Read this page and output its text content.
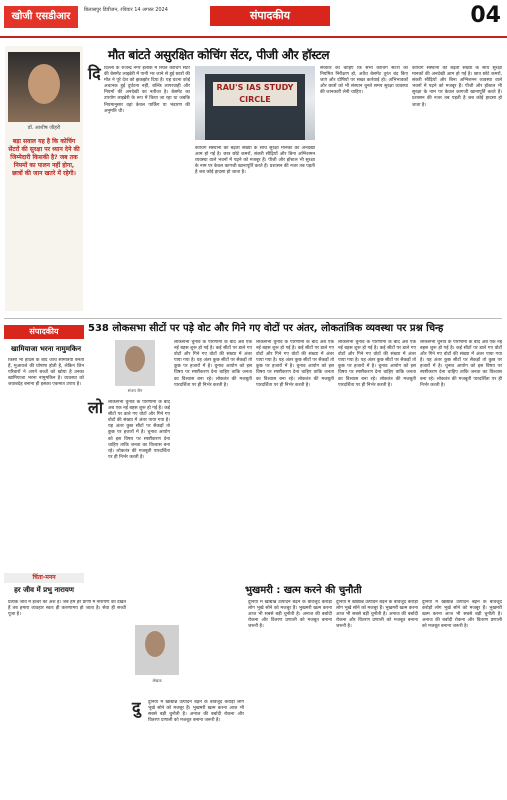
खोजी एसडीआर
बिलासपुर डिवीजन, रविवार 14 अगस्त 2024	संपादकीय	04
मौत बांटते असुरक्षित कोचिंग सेंटर, पीजी और हॉस्टल
डॉ. आशीष जौहरी
बड़ा सवाल यह है कि कोचिंग सेंटरों की सुरक्षा पर ध्यान देने की जिम्मेदारी किसकी है? जब तक नियमों का पालन नहीं होगा, छात्रों की जान खतरे में रहेगी।
दि दिल्ली के राजेन्द्र नगर इलाके में स्थित कोचिंग सेंटर की बेसमेंट लाइब्रेरी में पानी भर जाने से हुई छात्रों की मौत ने पूरे देश को झकझोर दिया है। यह घटना कोई अचानक हुई दुर्घटना नहीं, बल्कि लापरवाही और नियमों की अनदेखी का नतीजा है। बेसमेंट का उपयोग लाइब्रेरी के रूप में किया जा रहा था जबकि नियमानुसार वहां केवल पार्किंग या भंडारण की अनुमति थी।
RAU'S IAS STUDY CIRCLE
कोचिंग संस्थानों की बढ़ती संख्या के साथ सुरक्षा मानकों की अनदेखी आम हो गई है। छात्र छोटे कमरों, संकरी सीढ़ियों और बिना अग्निशमन व्यवस्था वाले भवनों में पढ़ने को मजबूर हैं। पीजी और हॉस्टल भी सुरक्षा के नाम पर केवल कागजी खानापूर्ति करते हैं। प्रशासन की नजर तब पड़ती है जब कोई हादसा हो जाता है।
सरकार को चाहिए कि सभी कोचिंग सेंटरों का नियमित निरीक्षण हो, अवैध बेसमेंट तुरंत बंद किए जाएं और दोषियों पर सख्त कार्रवाई हो। अभिभावकों और छात्रों को भी संस्थान चुनते समय सुरक्षा व्यवस्था की जानकारी लेनी चाहिए।
कोचिंग संस्थानों की बढ़ती संख्या के साथ सुरक्षा मानकों की अनदेखी आम हो गई है। छात्र छोटे कमरों, संकरी सीढ़ियों और बिना अग्निशमन व्यवस्था वाले भवनों में पढ़ने को मजबूर हैं। पीजी और हॉस्टल भी सुरक्षा के नाम पर केवल कागजी खानापूर्ति करते हैं। प्रशासन की नजर तब पड़ती है जब कोई हादसा हो जाता है।
संपादकीय
खामियाजा भरना नामुमकिन
किसी भी हादसे के बाद जांच समितियां बनती हैं, मुआवजे की घोषणा होती है, लेकिन जिन परिवारों ने अपने बच्चों को खोया है उनका खामियाजा भरना नामुमकिन है। व्यवस्था को जवाबदेह बनाना ही इसका एकमात्र उपाय है।
538 लोकसभा सीटों पर पड़े वोट और गिने गए वोटों पर अंतर, लोकतांत्रिक व्यवस्था पर प्रश्न चिन्ह
संजय जैन
लो लोकसभा चुनाव के परिणामों के बाद अब एक नई बहस शुरू हो गई है। कई सीटों पर डाले गए वोटों और गिने गए वोटों की संख्या में अंतर पाया गया है। यह अंतर कुछ सीटों पर सैकड़ों तो कुछ पर हजारों में है। चुनाव आयोग को इस विषय पर स्पष्टीकरण देना चाहिए ताकि जनता का विश्वास बना रहे। लोकतंत्र की मजबूती पारदर्शिता पर ही निर्भर करती है।
लोकसभा चुनाव के परिणामों के बाद अब एक नई बहस शुरू हो गई है। कई सीटों पर डाले गए वोटों और गिने गए वोटों की संख्या में अंतर पाया गया है। यह अंतर कुछ सीटों पर सैकड़ों तो कुछ पर हजारों में है। चुनाव आयोग को इस विषय पर स्पष्टीकरण देना चाहिए ताकि जनता का विश्वास बना रहे। लोकतंत्र की मजबूती पारदर्शिता पर ही निर्भर करती है।
लोकसभा चुनाव के परिणामों के बाद अब एक नई बहस शुरू हो गई है। कई सीटों पर डाले गए वोटों और गिने गए वोटों की संख्या में अंतर पाया गया है। यह अंतर कुछ सीटों पर सैकड़ों तो कुछ पर हजारों में है। चुनाव आयोग को इस विषय पर स्पष्टीकरण देना चाहिए ताकि जनता का विश्वास बना रहे। लोकतंत्र की मजबूती पारदर्शिता पर ही निर्भर करती है।
लोकसभा चुनाव के परिणामों के बाद अब एक नई बहस शुरू हो गई है। कई सीटों पर डाले गए वोटों और गिने गए वोटों की संख्या में अंतर पाया गया है। यह अंतर कुछ सीटों पर सैकड़ों तो कुछ पर हजारों में है। चुनाव आयोग को इस विषय पर स्पष्टीकरण देना चाहिए ताकि जनता का विश्वास बना रहे। लोकतंत्र की मजबूती पारदर्शिता पर ही निर्भर करती है।
लोकसभा चुनाव के परिणामों के बाद अब एक नई बहस शुरू हो गई है। कई सीटों पर डाले गए वोटों और गिने गए वोटों की संख्या में अंतर पाया गया है। यह अंतर कुछ सीटों पर सैकड़ों तो कुछ पर हजारों में है। चुनाव आयोग को इस विषय पर स्पष्टीकरण देना चाहिए ताकि जनता का विश्वास बना रहे। लोकतंत्र की मजबूती पारदर्शिता पर ही निर्भर करती है।
चिंता-मनन
हर जीव में प्रभु नारायण
प्रत्येक जीव में ईश्वर का अंश है। जब हम हर प्राणी में नारायण को देखते हैं तब हमारा व्यवहार स्वतः ही करुणामय हो जाता है। सेवा ही सच्ची पूजा है।
भुखमरी : खत्म करने की चुनौती
लेखक
दु दुनिया में खाद्यान्न उत्पादन बढ़ने के बावजूद करोड़ों लोग भूखे सोने को मजबूर हैं। भुखमरी खत्म करना आज भी सबसे बड़ी चुनौती है। अनाज की बर्बादी रोकना और वितरण प्रणाली को मजबूत बनाना जरूरी है।
दुनिया में खाद्यान्न उत्पादन बढ़ने के बावजूद करोड़ों लोग भूखे सोने को मजबूर हैं। भुखमरी खत्म करना आज भी सबसे बड़ी चुनौती है। अनाज की बर्बादी रोकना और वितरण प्रणाली को मजबूत बनाना जरूरी है।
दुनिया में खाद्यान्न उत्पादन बढ़ने के बावजूद करोड़ों लोग भूखे सोने को मजबूर हैं। भुखमरी खत्म करना आज भी सबसे बड़ी चुनौती है। अनाज की बर्बादी रोकना और वितरण प्रणाली को मजबूत बनाना जरूरी है।
दुनिया में खाद्यान्न उत्पादन बढ़ने के बावजूद करोड़ों लोग भूखे सोने को मजबूर हैं। भुखमरी खत्म करना आज भी सबसे बड़ी चुनौती है। अनाज की बर्बादी रोकना और वितरण प्रणाली को मजबूत बनाना जरूरी है।
